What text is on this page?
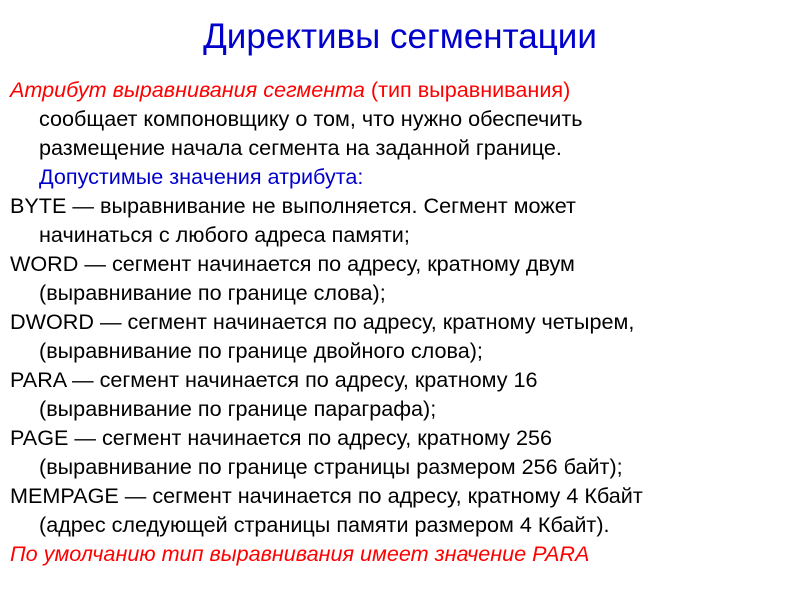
Директивы сегментации
Атрибут выравнивания сегмента (тип выравнивания)
сообщает компоновщику о том, что нужно обеспечить
размещение начала сегмента на заданной границе.
Допустимые значения атрибута:
BYTE — выравнивание не выполняется. Сегмент может
начинаться с любого адреса памяти;
WORD — сегмент начинается по адресу, кратному двум
(выравнивание по границе слова);
DWORD — сегмент начинается по адресу, кратному четырем,
(выравнивание по границе двойного слова);
PARA — сегмент начинается по адресу, кратному 16
(выравнивание по границе параграфа);
PAGE — сегмент начинается по адресу, кратному 256
(выравнивание по границе страницы размером 256 байт);
MEMPAGE — сегмент начинается по адресу, кратному 4 Кбайт
(адрес следующей страницы памяти размером 4 Кбайт).
По умолчанию тип выравнивания имеет значение PARA
